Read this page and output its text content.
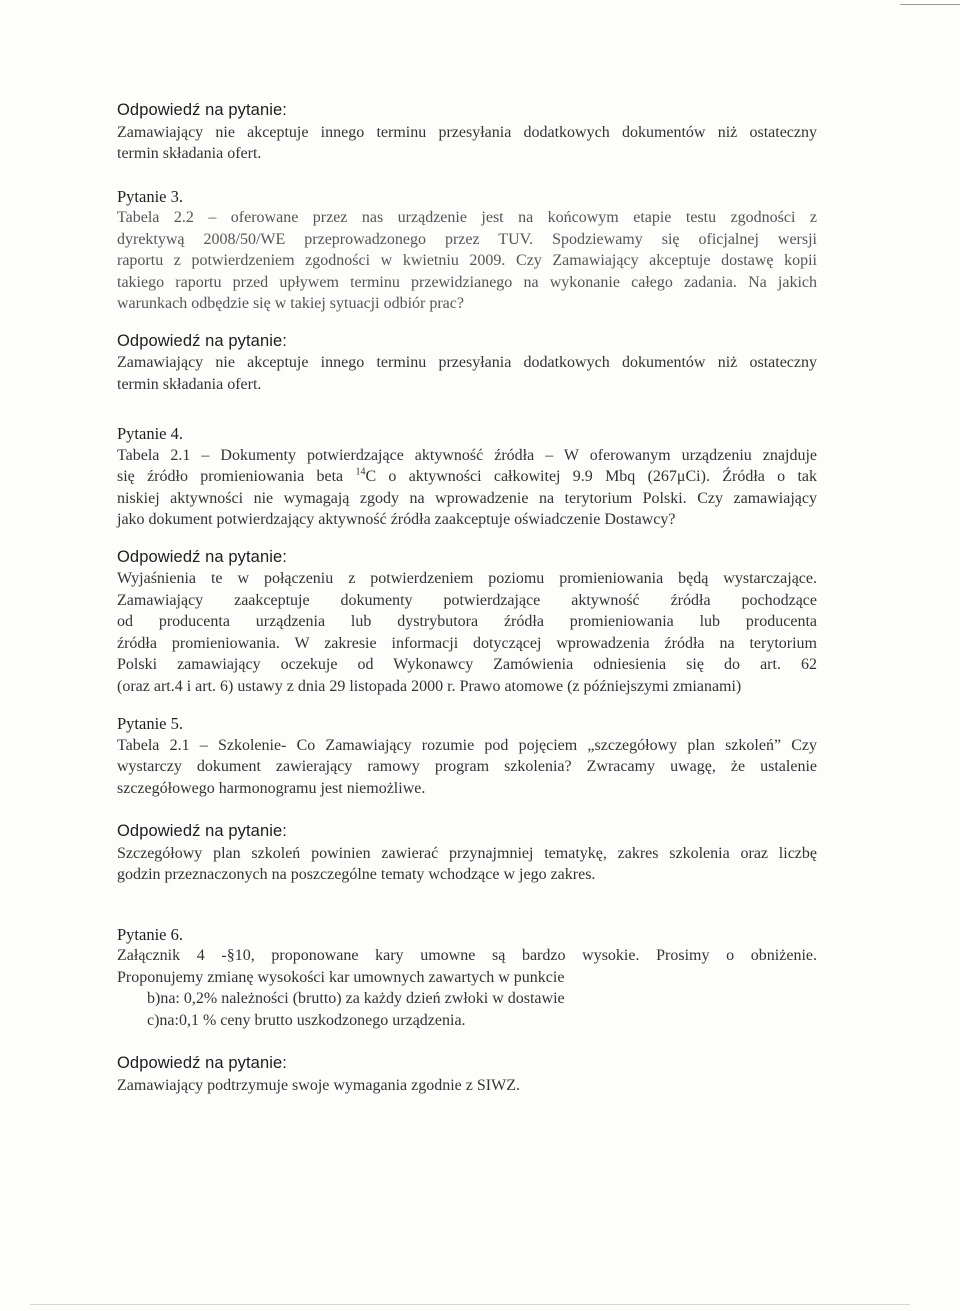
Odpowiedź na pytanie:

Zamawiający nie akceptuje innego terminu przesyłania dodatkowych dokumentów niż ostateczny
termin składania ofert.

Pytanie 3.

Tabela 2.2 – oferowane przez nas urządzenie jest na końcowym etapie testu zgodności z
dyrektywą 2008/50/WE przeprowadzonego przez TUV. Spodziewamy się oficjalnej wersji
raportu z potwierdzeniem zgodności w kwietniu 2009. Czy Zamawiający akceptuje dostawę kopii
takiego raportu przed upływem terminu przewidzianego na wykonanie całego zadania. Na jakich
warunkach odbędzie się w takiej sytuacji odbiór prac?

Odpowiedź na pytanie:

Zamawiający nie akceptuje innego terminu przesyłania dodatkowych dokumentów niż ostateczny
termin składania ofert.

Pytanie 4.

Tabela 2.1 – Dokumenty potwierdzające aktywność źródła – W oferowanym urządzeniu znajduje
się źródło promieniowania beta $^{14}$C o aktywności całkowitej 9.9 Mbq (267μCi). Źródła o tak
niskiej aktywności nie wymagają zgody na wprowadzenie na terytorium Polski. Czy zamawiający
jako dokument potwierdzający aktywność źródła zaakceptuje oświadczenie Dostawcy?

Odpowiedź na pytanie:

Wyjaśnienia te w połączeniu z potwierdzeniem poziomu promieniowania będą wystarczające.
Zamawiający zaakceptuje dokumenty potwierdzające aktywność źródła pochodzące
od producenta urządzenia lub dystrybutora źródła promieniowania lub producenta
źródła promieniowania. W zakresie informacji dotyczącej wprowadzenia źródła na terytorium
Polski zamawiający oczekuje od Wykonawcy Zamówienia odniesienia się do art. 62
(oraz art.4 i art. 6) ustawy z dnia 29 listopada 2000 r. Prawo atomowe (z późniejszymi zmianami)

Pytanie 5.

Tabela 2.1 – Szkolenie- Co Zamawiający rozumie pod pojęciem „szczegółowy plan szkoleń” Czy
wystarczy dokument zawierający ramowy program szkolenia? Zwracamy uwagę, że ustalenie
szczegółowego harmonogramu jest niemożliwe.

Odpowiedź na pytanie:

Szczegółowy plan szkoleń powinien zawierać przynajmniej tematykę, zakres szkolenia oraz liczbę
godzin przeznaczonych na poszczególne tematy wchodzące w jego zakres.

Pytanie 6.

Załącznik 4 -§10, proponowane kary umowne są bardzo wysokie. Prosimy o obniżenie.
Proponujemy zmianę wysokości kar umownych zawartych w punkcie
b)na: 0,2% należności (brutto) za każdy dzień zwłoki w dostawie
c)na:0,1 % ceny brutto uszkodzonego urządzenia.

Odpowiedź na pytanie:

Zamawiający podtrzymuje swoje wymagania zgodnie z SIWZ.
